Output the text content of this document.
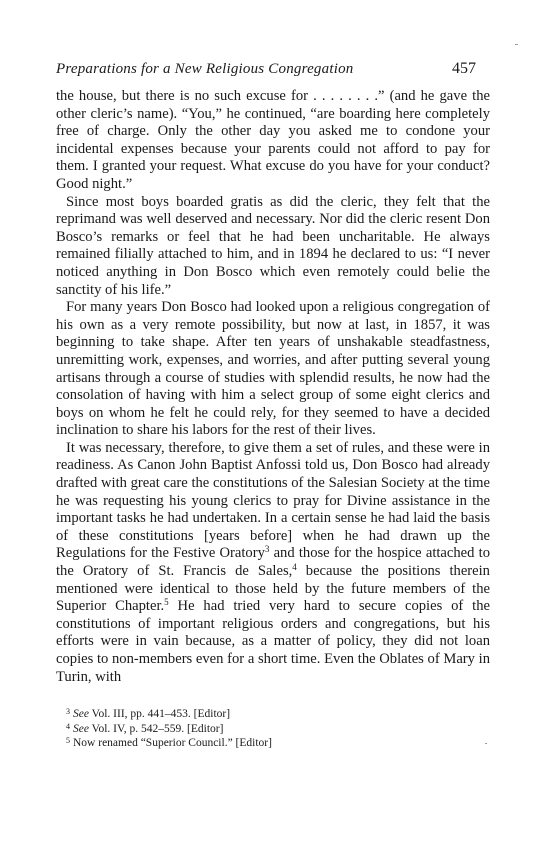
Preparations for a New Religious Congregation	457

the house, but there is no such excuse for . . . . . . . .” (and he gave the other cleric’s name). “You,” he continued, “are boarding here completely free of charge. Only the other day you asked me to condone your incidental expenses because your parents could not afford to pay for them. I granted your request. What excuse do you have for your conduct? Good night.”

Since most boys boarded gratis as did the cleric, they felt that the reprimand was well deserved and necessary. Nor did the cleric resent Don Bosco’s remarks or feel that he had been uncharitable. He always remained filially attached to him, and in 1894 he declared to us: “I never noticed anything in Don Bosco which even remotely could belie the sanctity of his life.”

For many years Don Bosco had looked upon a religious congregation of his own as a very remote possibility, but now at last, in 1857, it was beginning to take shape. After ten years of unshakable steadfastness, unremitting work, expenses, and worries, and after putting several young artisans through a course of studies with splendid results, he now had the consolation of having with him a select group of some eight clerics and boys on whom he felt he could rely, for they seemed to have a decided inclination to share his labors for the rest of their lives.

It was necessary, therefore, to give them a set of rules, and these were in readiness. As Canon John Baptist Anfossi told us, Don Bosco had already drafted with great care the constitutions of the Salesian Society at the time he was requesting his young clerics to pray for Divine assistance in the important tasks he had undertaken. In a certain sense he had laid the basis of these constitutions [years before] when he had drawn up the Regulations for the Festive Oratory$^3$ and those for the hospice attached to the Oratory of St. Francis de Sales,$^4$ because the positions therein mentioned were identical to those held by the future members of the Superior Chapter.$^5$ He had tried very hard to secure copies of the constitutions of important religious orders and congregations, but his efforts were in vain because, as a matter of policy, they did not loan copies to non-members even for a short time. Even the Oblates of Mary in Turin, with

$^3$ See Vol. III, pp. 441–453. [Editor]

$^4$ See Vol. IV, p. 542–559. [Editor]

$^5$ Now renamed “Superior Council.” [Editor]
